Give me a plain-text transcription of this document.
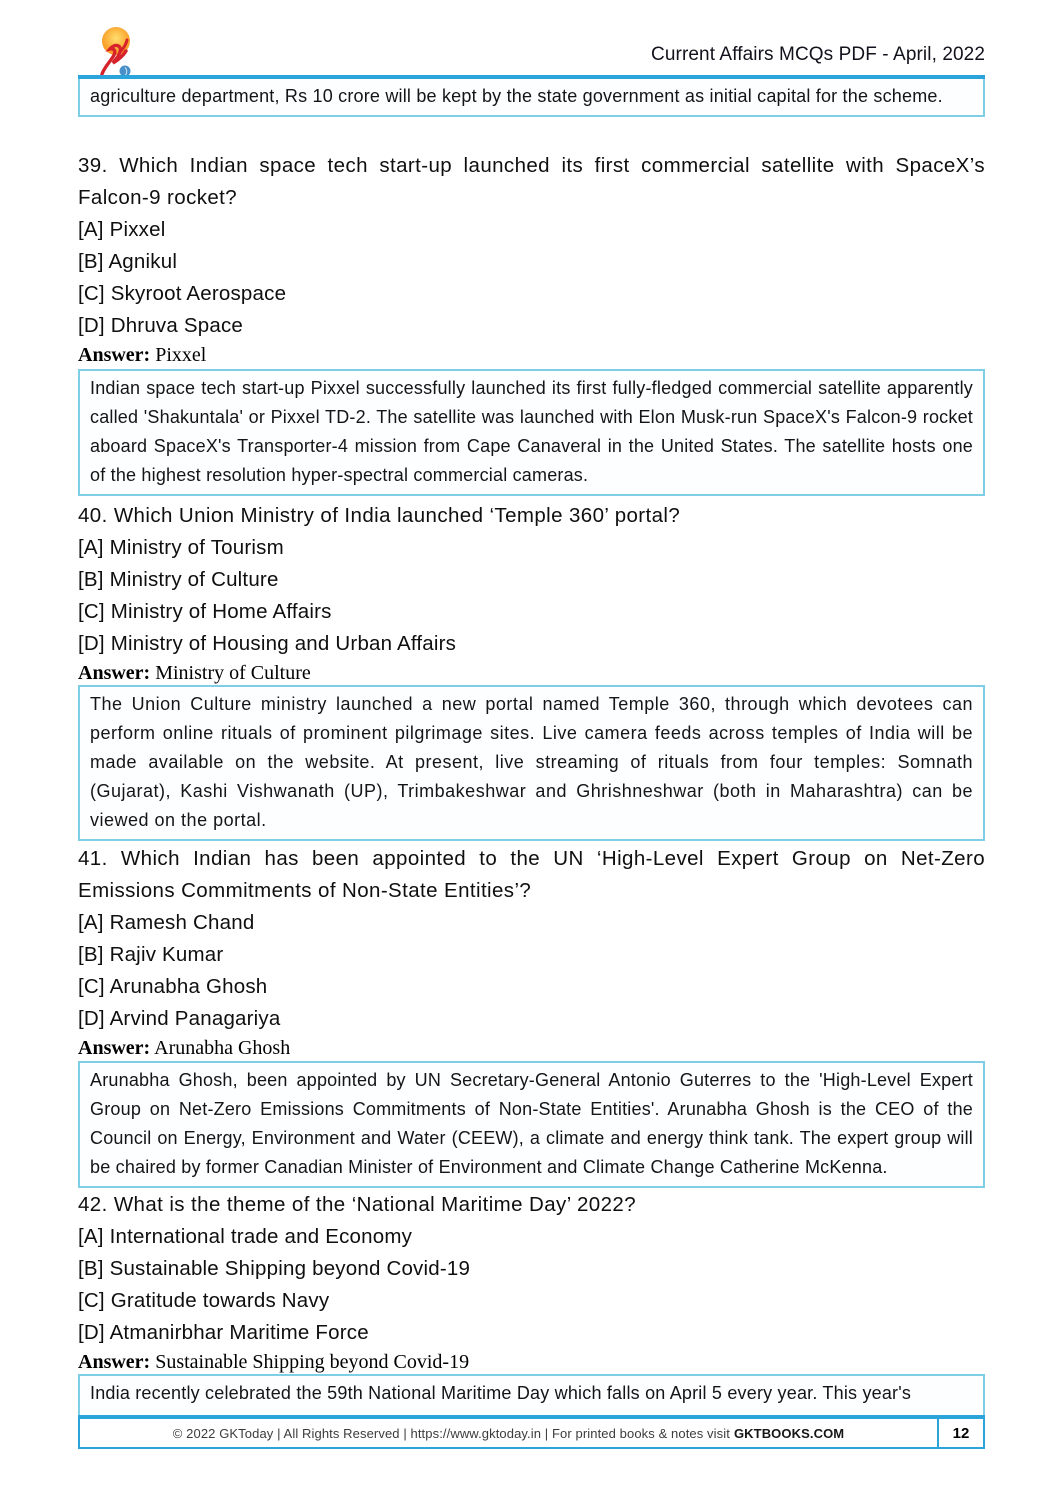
Current Affairs MCQs PDF - April, 2022

agriculture department, Rs 10 crore will be kept by the state government as initial capital for the scheme.

39. Which Indian space tech start-up launched its first commercial satellite with SpaceX’s Falcon-9 rocket?

[A] Pixxel

[B] Agnikul

[C] Skyroot Aerospace

[D] Dhruva Space

Answer: Pixxel

Indian space tech start-up Pixxel successfully launched its first fully-fledged commercial satellite apparently called 'Shakuntala' or Pixxel TD-2. The satellite was launched with Elon Musk-run SpaceX's Falcon-9 rocket aboard SpaceX's Transporter-4 mission from Cape Canaveral in the United States. The satellite hosts one of the highest resolution hyper-spectral commercial cameras.

40. Which Union Ministry of India launched ‘Temple 360’ portal?

[A] Ministry of Tourism

[B] Ministry of Culture

[C] Ministry of Home Affairs

[D] Ministry of Housing and Urban Affairs

Answer: Ministry of Culture

The Union Culture ministry launched a new portal named Temple 360, through which devotees can perform online rituals of prominent pilgrimage sites. Live camera feeds across temples of India will be made available on the website. At present, live streaming of rituals from four temples: Somnath (Gujarat), Kashi Vishwanath (UP), Trimbakeshwar and Ghrishneshwar (both in Maharashtra) can be viewed on the portal.

41. Which Indian has been appointed to the UN ‘High-Level Expert Group on Net-Zero Emissions Commitments of Non-State Entities’?

[A] Ramesh Chand

[B] Rajiv Kumar

[C] Arunabha Ghosh

[D] Arvind Panagariya

Answer: Arunabha Ghosh

Arunabha Ghosh, been appointed by UN Secretary-General Antonio Guterres to the 'High-Level Expert Group on Net-Zero Emissions Commitments of Non-State Entities'. Arunabha Ghosh is the CEO of the Council on Energy, Environment and Water (CEEW), a climate and energy think tank. The expert group will be chaired by former Canadian Minister of Environment and Climate Change Catherine McKenna.

42. What is the theme of the ‘National Maritime Day’ 2022?

[A] International trade and Economy

[B] Sustainable Shipping beyond Covid-19

[C] Gratitude towards Navy

[D] Atmanirbhar Maritime Force

Answer: Sustainable Shipping beyond Covid-19

India recently celebrated the 59th National Maritime Day which falls on April 5 every year. This year's

© 2022 GKToday | All Rights Reserved | https://www.gktoday.in | For printed books & notes visit GKTBOOKS.COM	12
